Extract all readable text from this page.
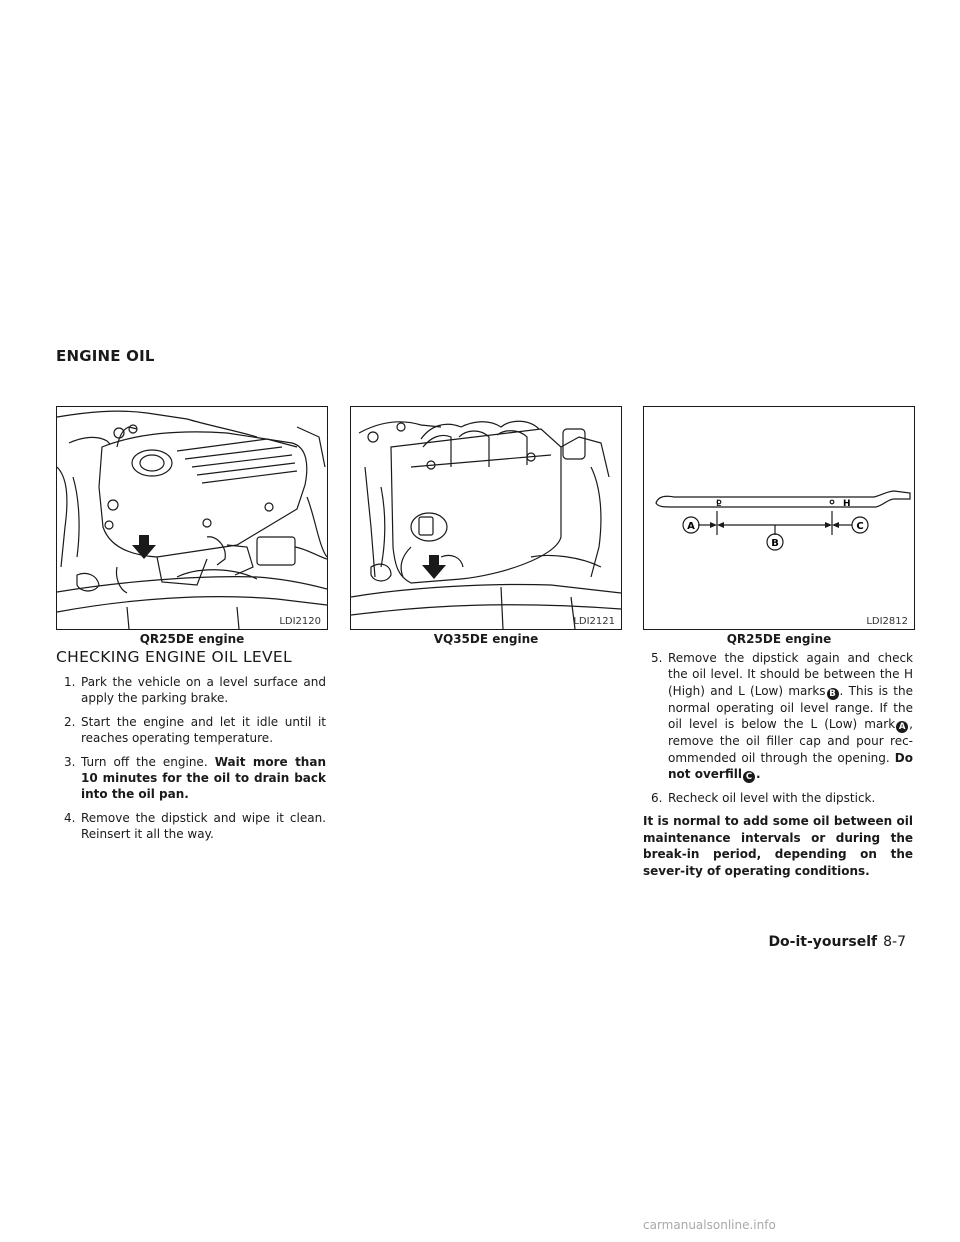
ENGINE OIL
LDI2120
QR25DE engine
LDI2121
VQ35DE engine
L	H
A	C
B
LDI2812
QR25DE engine
CHECKING ENGINE OIL LEVEL
1. Park the vehicle on a level surface and apply the parking brake.
2. Start the engine and let it idle until it reaches operating temperature.
3. Turn off the engine. Wait more than 10 minutes for the oil to drain back into the oil pan.
4. Remove the dipstick and wipe it clean. Reinsert it all the way.
5. Remove the dipstick again and check the oil level. It should be between the H (High) and L (Low) marks B . This is the normal operating oil level range. If the oil level is below the L (Low) mark A , remove the oil filler cap and pour rec-ommended oil through the opening. Do not overfill C .
6. Recheck oil level with the dipstick.
It is normal to add some oil between oil maintenance intervals or during the break-in period, depending on the sever-ity of operating conditions.
Do-it-yourself 8-7
carmanualsonline.info
